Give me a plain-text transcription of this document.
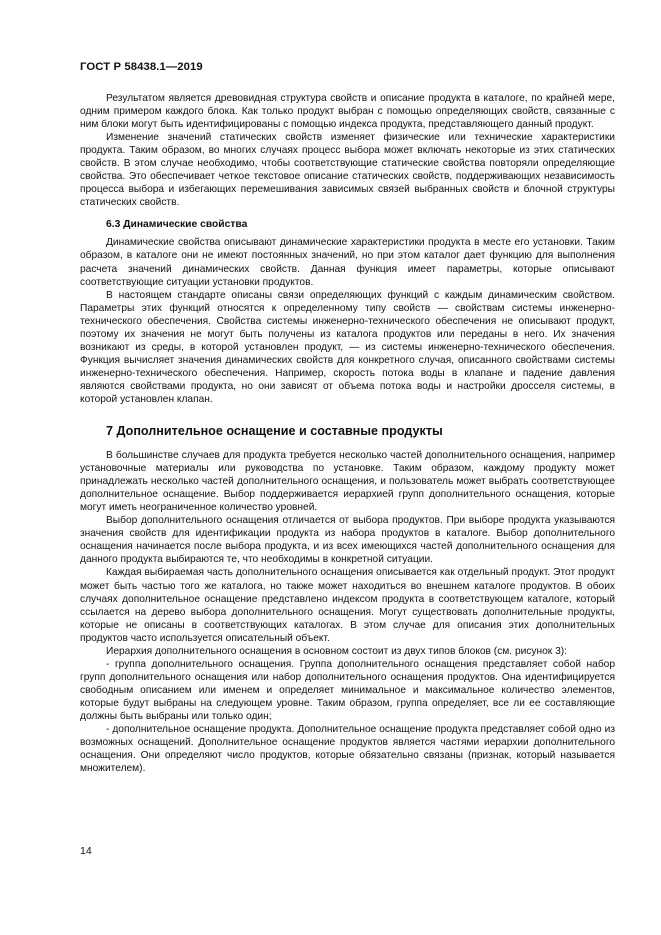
ГОСТ Р 58438.1—2019

Результатом является древовидная структура свойств и описание продукта в каталоге, по крайней мере, одним примером каждого блока. Как только продукт выбран с помощью определяющих свойств, связанные с ним блоки могут быть идентифицированы с помощью индекса продукта, представляющего данный продукт.

Изменение значений статических свойств изменяет физические или технические характеристики продукта. Таким образом, во многих случаях процесс выбора может включать некоторые из этих статических свойств. В этом случае необходимо, чтобы соответствующие статические свойства повторяли определяющие свойства. Это обеспечивает четкое текстовое описание статических свойств, поддерживающих независимость процесса выбора и избегающих перемешивания зависимых связей выбранных свойств и блочной структуры статических свойств.

6.3 Динамические свойства

Динамические свойства описывают динамические характеристики продукта в месте его установки. Таким образом, в каталоге они не имеют постоянных значений, но при этом каталог дает функцию для выполнения расчета значений динамических свойств. Данная функция имеет параметры, которые описывают соответствующие ситуации установки продуктов.

В настоящем стандарте описаны связи определяющих функций с каждым динамическим свойством. Параметры этих функций относятся к определенному типу свойств — свойствам системы инженерно-технического обеспечения. Свойства системы инженерно-технического обеспечения не описывают продукт, поэтому их значения не могут быть получены из каталога продуктов или переданы в него. Их значения возникают из среды, в которой установлен продукт, — из системы инженерно-технического обеспечения. Функция вычисляет значения динамических свойств для конкретного случая, описанного свойствами системы инженерно-технического обеспечения. Например, скорость потока воды в клапане и падение давления являются свойствами продукта, но они зависят от объема потока воды и настройки дросселя системы, в которой установлен клапан.

7 Дополнительное оснащение и составные продукты

В большинстве случаев для продукта требуется несколько частей дополнительного оснащения, например установочные материалы или руководства по установке. Таким образом, каждому продукту может принадлежать несколько частей дополнительного оснащения, и пользователь может выбрать соответствующее дополнительное оснащение. Выбор поддерживается иерархией групп дополнительного оснащения, которые могут иметь неограниченное количество уровней.

Выбор дополнительного оснащения отличается от выбора продуктов. При выборе продукта указываются значения свойств для идентификации продукта из набора продуктов в каталоге. Выбор дополнительного оснащения начинается после выбора продукта, и из всех имеющихся частей дополнительного оснащения для данного продукта выбираются те, что необходимы в конкретной ситуации.

Каждая выбираемая часть дополнительного оснащения описывается как отдельный продукт. Этот продукт может быть частью того же каталога, но также может находиться во внешнем каталоге продуктов. В обоих случаях дополнительное оснащение представлено индексом продукта в соответствующем каталоге, который ссылается на дерево выбора дополнительного оснащения. Могут существовать дополнительные продукты, которые не описаны в соответствующих каталогах. В этом случае для описания этих дополнительных продуктов часто используется описательный объект.

Иерархия дополнительного оснащения в основном состоит из двух типов блоков (см. рисунок 3):

- группа дополнительного оснащения. Группа дополнительного оснащения представляет собой набор групп дополнительного оснащения или набор дополнительного оснащения продуктов. Она идентифицируется свободным описанием или именем и определяет минимальное и максимальное количество элементов, которые будут выбраны на следующем уровне. Таким образом, группа определяет, все ли ее составляющие должны быть выбраны или только один;

- дополнительное оснащение продукта. Дополнительное оснащение продукта представляет собой одно из возможных оснащений. Дополнительное оснащение продуктов является частями иерархии дополнительного оснащения. Они определяют число продуктов, которые обязательно связаны (признак, который называется множителем).

14
